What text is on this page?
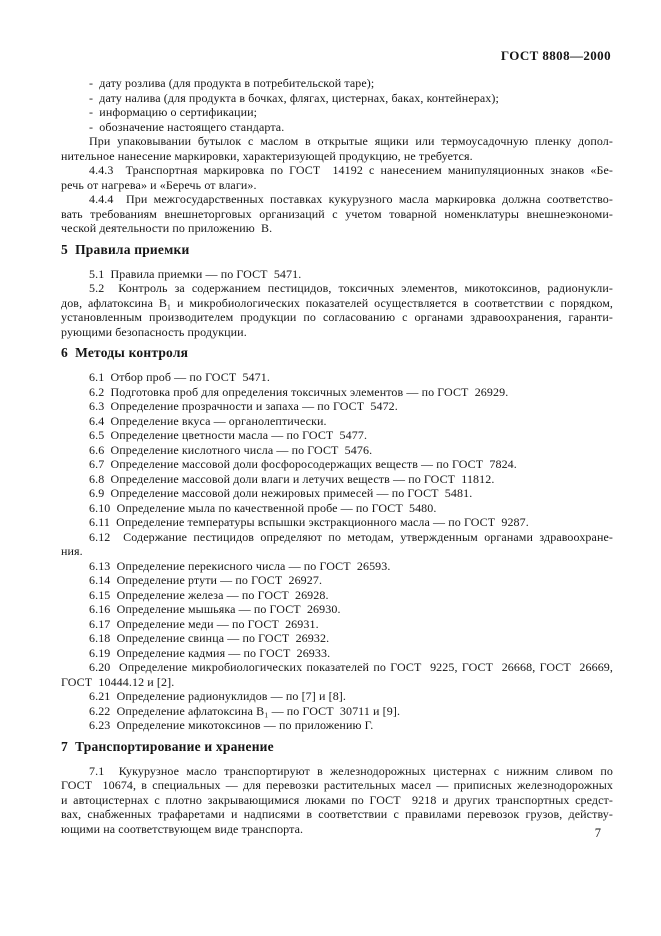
ГОСТ 8808—2000
-  дату розлива (для продукта в потребительской таре);
-  дату налива (для продукта в бочках, флягах, цистернах, баках, контейнерах);
-  информацию о сертификации;
-  обозначение настоящего стандарта.
При упаковывании бутылок с маслом в открытые ящики или термоусадочную пленку допол-
нительное нанесение маркировки, характеризующей продукцию, не требуется.
4.4.3  Транспортная маркировка по ГОСТ  14192 с нанесением манипуляционных знаков «Бе-
речь от нагрева» и «Беречь от влаги».
4.4.4  При межгосударственных поставках кукурузного масла маркировка должна соответство-
вать требованиям внешнеторговых организаций с учетом товарной номенклатуры внешнеэкономи-
ческой деятельности по приложению  В.
5  Правила приемки
5.1  Правила приемки — по ГОСТ  5471.
5.2  Контроль за содержанием пестицидов, токсичных элементов, микотоксинов, радионукли-
дов, афлатоксина В₁ и микробиологических показателей осуществляется в соответствии с порядком,
установленным производителем продукции по согласованию с органами здравоохранения, гаранти-
рующими безопасность продукции.
6  Методы контроля
6.1  Отбор проб — по ГОСТ  5471.
6.2  Подготовка проб для определения токсичных элементов — по ГОСТ  26929.
6.3  Определение прозрачности и запаха — по ГОСТ  5472.
6.4  Определение вкуса — органолептически.
6.5  Определение цветности масла — по ГОСТ  5477.
6.6  Определение кислотного числа — по ГОСТ  5476.
6.7  Определение массовой доли фосфоросодержащих веществ — по ГОСТ  7824.
6.8  Определение массовой доли влаги и летучих веществ — по ГОСТ  11812.
6.9  Определение массовой доли нежировых примесей — по ГОСТ  5481.
6.10  Определение мыла по качественной пробе — по ГОСТ  5480.
6.11  Определение температуры вспышки экстракционного масла — по ГОСТ  9287.
6.12  Содержание пестицидов определяют по методам, утвержденным органами здравоохране-
ния.
6.13  Определение перекисного числа — по ГОСТ  26593.
6.14  Определение ртути — по ГОСТ  26927.
6.15  Определение железа — по ГОСТ  26928.
6.16  Определение мышьяка — по ГОСТ  26930.
6.17  Определение меди — по ГОСТ  26931.
6.18  Определение свинца — по ГОСТ  26932.
6.19  Определение кадмия — по ГОСТ  26933.
6.20  Определение микробиологических показателей по ГОСТ  9225, ГОСТ  26668, ГОСТ  26669,
ГОСТ  10444.12 и [2].
6.21  Определение радионуклидов — по [7] и [8].
6.22  Определение афлатоксина В₁ — по ГОСТ  30711 и [9].
6.23  Определение микотоксинов — по приложению Г.
7  Транспортирование и хранение
7.1  Кукурузное масло транспортируют в железнодорожных цистернах с нижним сливом по
ГОСТ  10674, в специальных — для перевозки растительных масел — приписных железнодорожных
и автоцистернах с плотно закрывающимися люками по ГОСТ  9218 и других транспортных средст-
вах, снабженных трафаретами и надписями в соответствии с правилами перевозок грузов, действу-
ющими на соответствующем виде транспорта.	7
